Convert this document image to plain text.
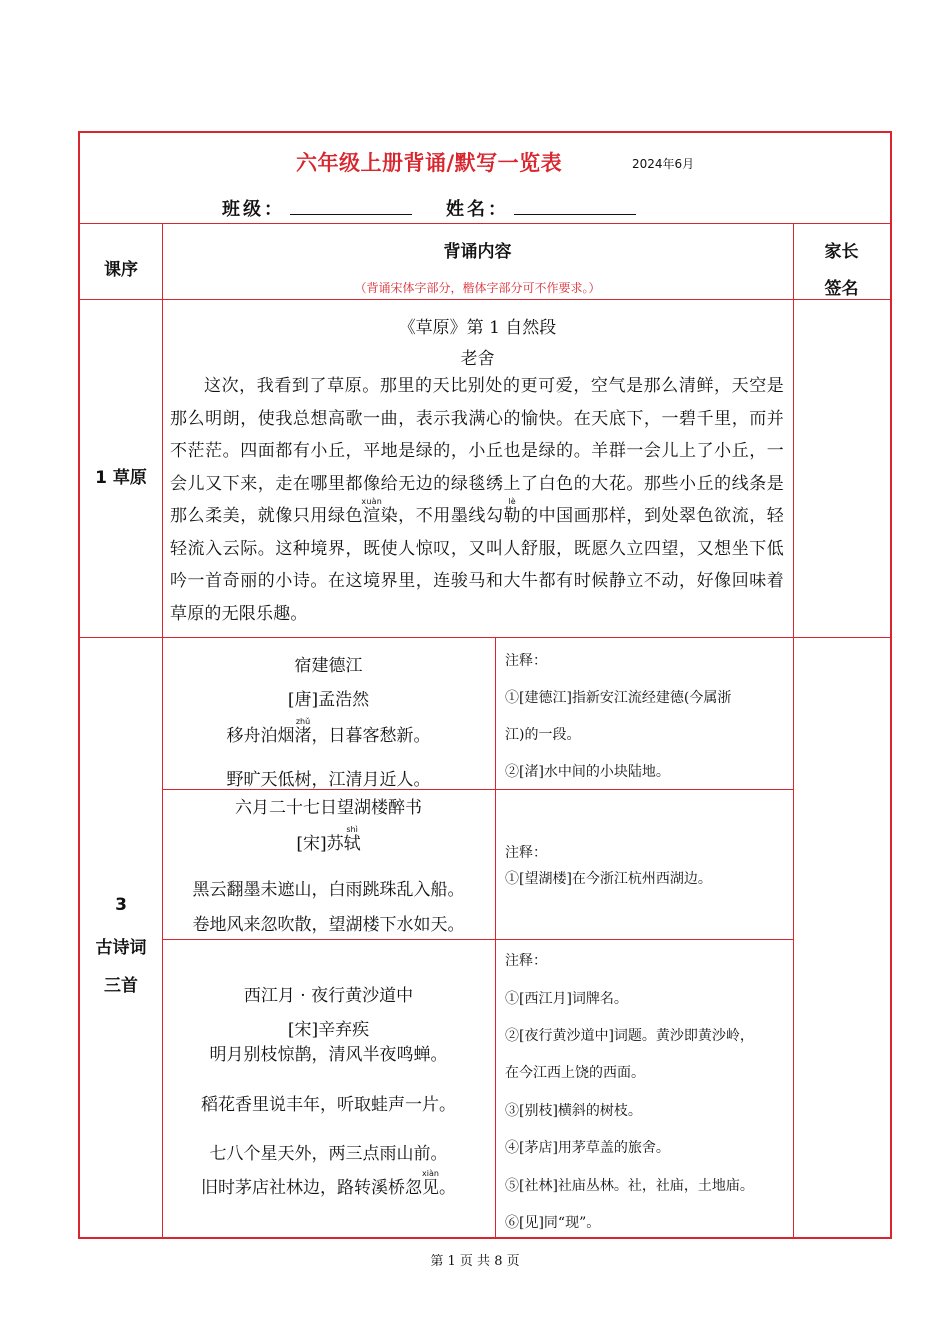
六年级上册背诵/默写一览表	2024年6月
班级：	姓名：
课序
背诵内容
（背诵宋体字部分，楷体字部分可不作要求。）
家长
签名
1 草原
《草原》第 1 自然段
老舍
这次，我看到了草原。那里的天比别处的更可爱，空气是那么清鲜，天空是那么明朗，使我总想高歌一曲，表示我满心的愉快。在天底下，一碧千里，而并不茫茫。四面都有小丘，平地是绿的，小丘也是绿的。羊群一会儿上了小丘，一会儿又下来，走在哪里都像给无边的绿毯绣上了白色的大花。那些小丘的线条是那么柔美，就像只用绿色渲xuàn染，不用墨线勾勒lè的中国画那样，到处翠色欲流，轻轻流入云际。这种境界，既使人惊叹，又叫人舒服，既愿久立四望，又想坐下低吟一首奇丽的小诗。在这境界里，连骏马和大牛都有时候静立不动，好像回味着草原的无限乐趣。
3
古诗词
三首
宿建德江
[唐]孟浩然
移舟泊烟渚zhǔ，日暮客愁新。
野旷天低树，江清月近人。
注释：
①[建德江]指新安江流经建德(今属浙
江)的一段。
②[渚]水中间的小块陆地。
六月二十七日望湖楼醉书
[宋]苏轼shì
黑云翻墨未遮山，白雨跳珠乱入船。
卷地风来忽吹散，望湖楼下水如天。
注释：
①[望湖楼]在今浙江杭州西湖边。
西江月 · 夜行黄沙道中
[宋]辛弃疾
明月别枝惊鹊，清风半夜鸣蝉。
稻花香里说丰年，听取蛙声一片。
七八个星天外，两三点雨山前。
旧时茅店社林边，路转溪桥忽见xiàn。
注释：
①[西江月]词牌名。
②[夜行黄沙道中]词题。黄沙即黄沙岭，
在今江西上饶的西面。
③[别枝]横斜的树枝。
④[茅店]用茅草盖的旅舍。
⑤[社林]社庙丛林。社，社庙，土地庙。
⑥[见]同“现”。
第 1 页 共 8 页
